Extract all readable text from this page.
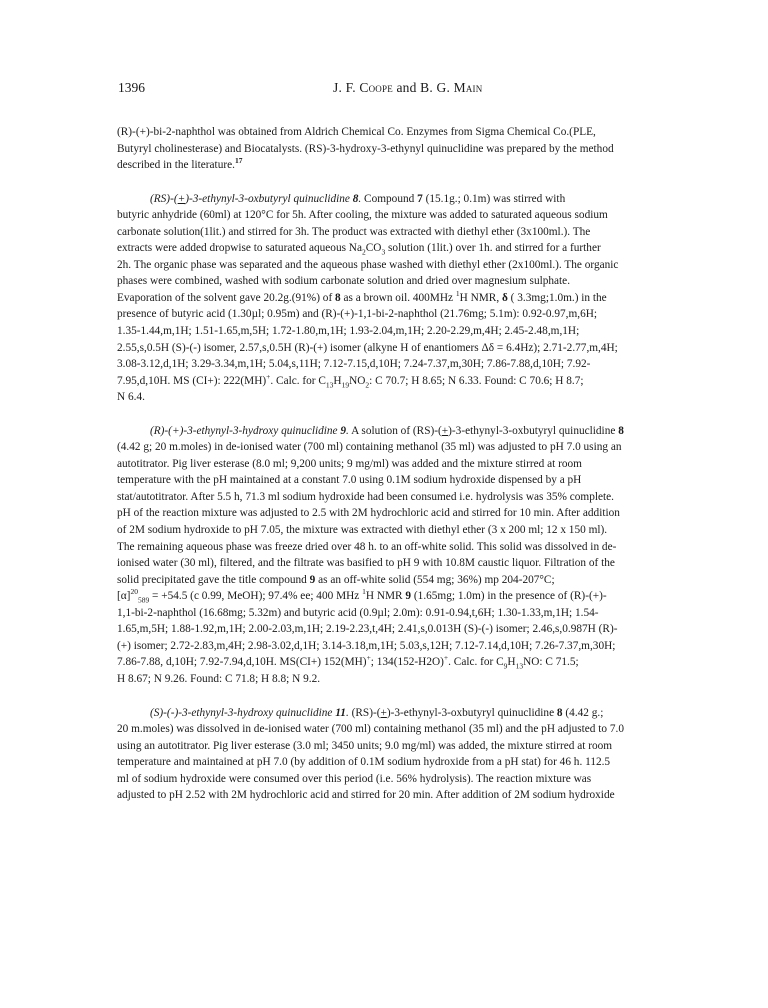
1396	J. F. Coope and B. G. Main
(R)-(+)-bi-2-naphthol was obtained from Aldrich Chemical Co. Enzymes from Sigma Chemical Co.(PLE,
Butyryl cholinesterase) and Biocatalysts. (RS)-3-hydroxy-3-ethynyl quinuclidine was prepared by the method
described in the literature.$^{17}$
(RS)-(+)-3-ethynyl-3-oxbutyryl quinuclidine 8. Compound 7 (15.1g.; 0.1m) was stirred with
butyric anhydride (60ml) at 120°C for 5h. After cooling, the mixture was added to saturated aqueous sodium
carbonate solution(1lit.) and stirred for 3h. The product was extracted with diethyl ether (3x100ml.). The
extracts were added dropwise to saturated aqueous $Na_2CO_3$ solution (1lit.) over 1h. and stirred for a further
2h. The organic phase was separated and the aqueous phase washed with diethyl ether (2x100ml.). The organic
phases were combined, washed with sodium carbonate solution and dried over magnesium sulphate.
Evaporation of the solvent gave 20.2g.(91%) of 8 as a brown oil. 400MHz $^1$H NMR, δ ( 3.3mg;1.0m.) in the
presence of butyric acid (1.30µl; 0.95m) and (R)-(+)-1,1-bi-2-naphthol (21.76mg; 5.1m): 0.92-0.97,m,6H;
1.35-1.44,m,1H; 1.51-1.65,m,5H; 1.72-1.80,m,1H; 1.93-2.04,m,1H; 2.20-2.29,m,4H; 2.45-2.48,m,1H;
2.55,s,0.5H (S)-(-) isomer, 2.57,s,0.5H (R)-(+) isomer (alkyne H of enantiomers Δδ = 6.4Hz); 2.71-2.77,m,4H;
3.08-3.12,d,1H; 3.29-3.34,m,1H; 5.04,s,11H; 7.12-7.15,d,10H; 7.24-7.37,m,30H; 7.86-7.88,d,10H; 7.92-
7.95,d,10H. MS (CI+): 222(MH)+. Calc. for $C_{13}H_{19}NO_2$: C 70.7; H 8.65; N 6.33. Found: C 70.6; H 8.7;
N 6.4.
(R)-(+)-3-ethynyl-3-hydroxy quinuclidine 9. A solution of (RS)-(+)-3-ethynyl-3-oxbutyryl quinuclidine 8
(4.42 g; 20 m.moles) in de-ionised water (700 ml) containing methanol (35 ml) was adjusted to pH 7.0 using an
autotitrator. Pig liver esterase (8.0 ml; 9,200 units; 9 mg/ml) was added and the mixture stirred at room
temperature with the pH maintained at a constant 7.0 using 0.1M sodium hydroxide dispensed by a pH
stat/autotitrator. After 5.5 h, 71.3 ml sodium hydroxide had been consumed i.e. hydrolysis was 35% complete.
pH of the reaction mixture was adjusted to 2.5 with 2M hydrochloric acid and stirred for 10 min. After addition
of 2M sodium hydroxide to pH 7.05, the mixture was extracted with diethyl ether (3 x 200 ml; 12 x 150 ml).
The remaining aqueous phase was freeze dried over 48 h. to an off-white solid. This solid was dissolved in de-
ionised water (30 ml), filtered, and the filtrate was basified to pH 9 with 10.8M caustic liquor. Filtration of the
solid precipitated gave the title compound 9 as an off-white solid (554 mg; 36%) mp 204-207°C;
$[\alpha]^{20}_{589} = +54.5$ (c 0.99, MeOH); 97.4% ee; 400 MHz $^1$H NMR 9 (1.65mg; 1.0m) in the presence of (R)-(+)-
1,1-bi-2-naphthol (16.68mg; 5.32m) and butyric acid (0.9µl; 2.0m): 0.91-0.94,t,6H; 1.30-1.33,m,1H; 1.54-
1.65,m,5H; 1.88-1.92,m,1H; 2.00-2.03,m,1H; 2.19-2.23,t,4H; 2.41,s,0.013H (S)-(-) isomer; 2.46,s,0.987H (R)-
(+) isomer; 2.72-2.83,m,4H; 2.98-3.02,d,1H; 3.14-3.18,m,1H; 5.03,s,12H; 7.12-7.14,d,10H; 7.26-7.37,m,30H;
7.86-7.88, d,10H; 7.92-7.94,d,10H. MS(CI+) 152(MH)+; 134(152-H2O)+. Calc. for $C_9H_{13}NO$: C 71.5;
H 8.67; N 9.26. Found: C 71.8; H 8.8; N 9.2.
(S)-(-)-3-ethynyl-3-hydroxy quinuclidine 11. (RS)-(+)-3-ethynyl-3-oxbutyryl quinuclidine 8 (4.42 g.;
20 m.moles) was dissolved in de-ionised water (700 ml) containing methanol (35 ml) and the pH adjusted to 7.0
using an autotitrator. Pig liver esterase (3.0 ml; 3450 units; 9.0 mg/ml) was added, the mixture stirred at room
temperature and maintained at pH 7.0 (by addition of 0.1M sodium hydroxide from a pH stat) for 46 h. 112.5
ml of sodium hydroxide were consumed over this period (i.e. 56% hydrolysis). The reaction mixture was
adjusted to pH 2.52 with 2M hydrochloric acid and stirred for 20 min. After addition of 2M sodium hydroxide
